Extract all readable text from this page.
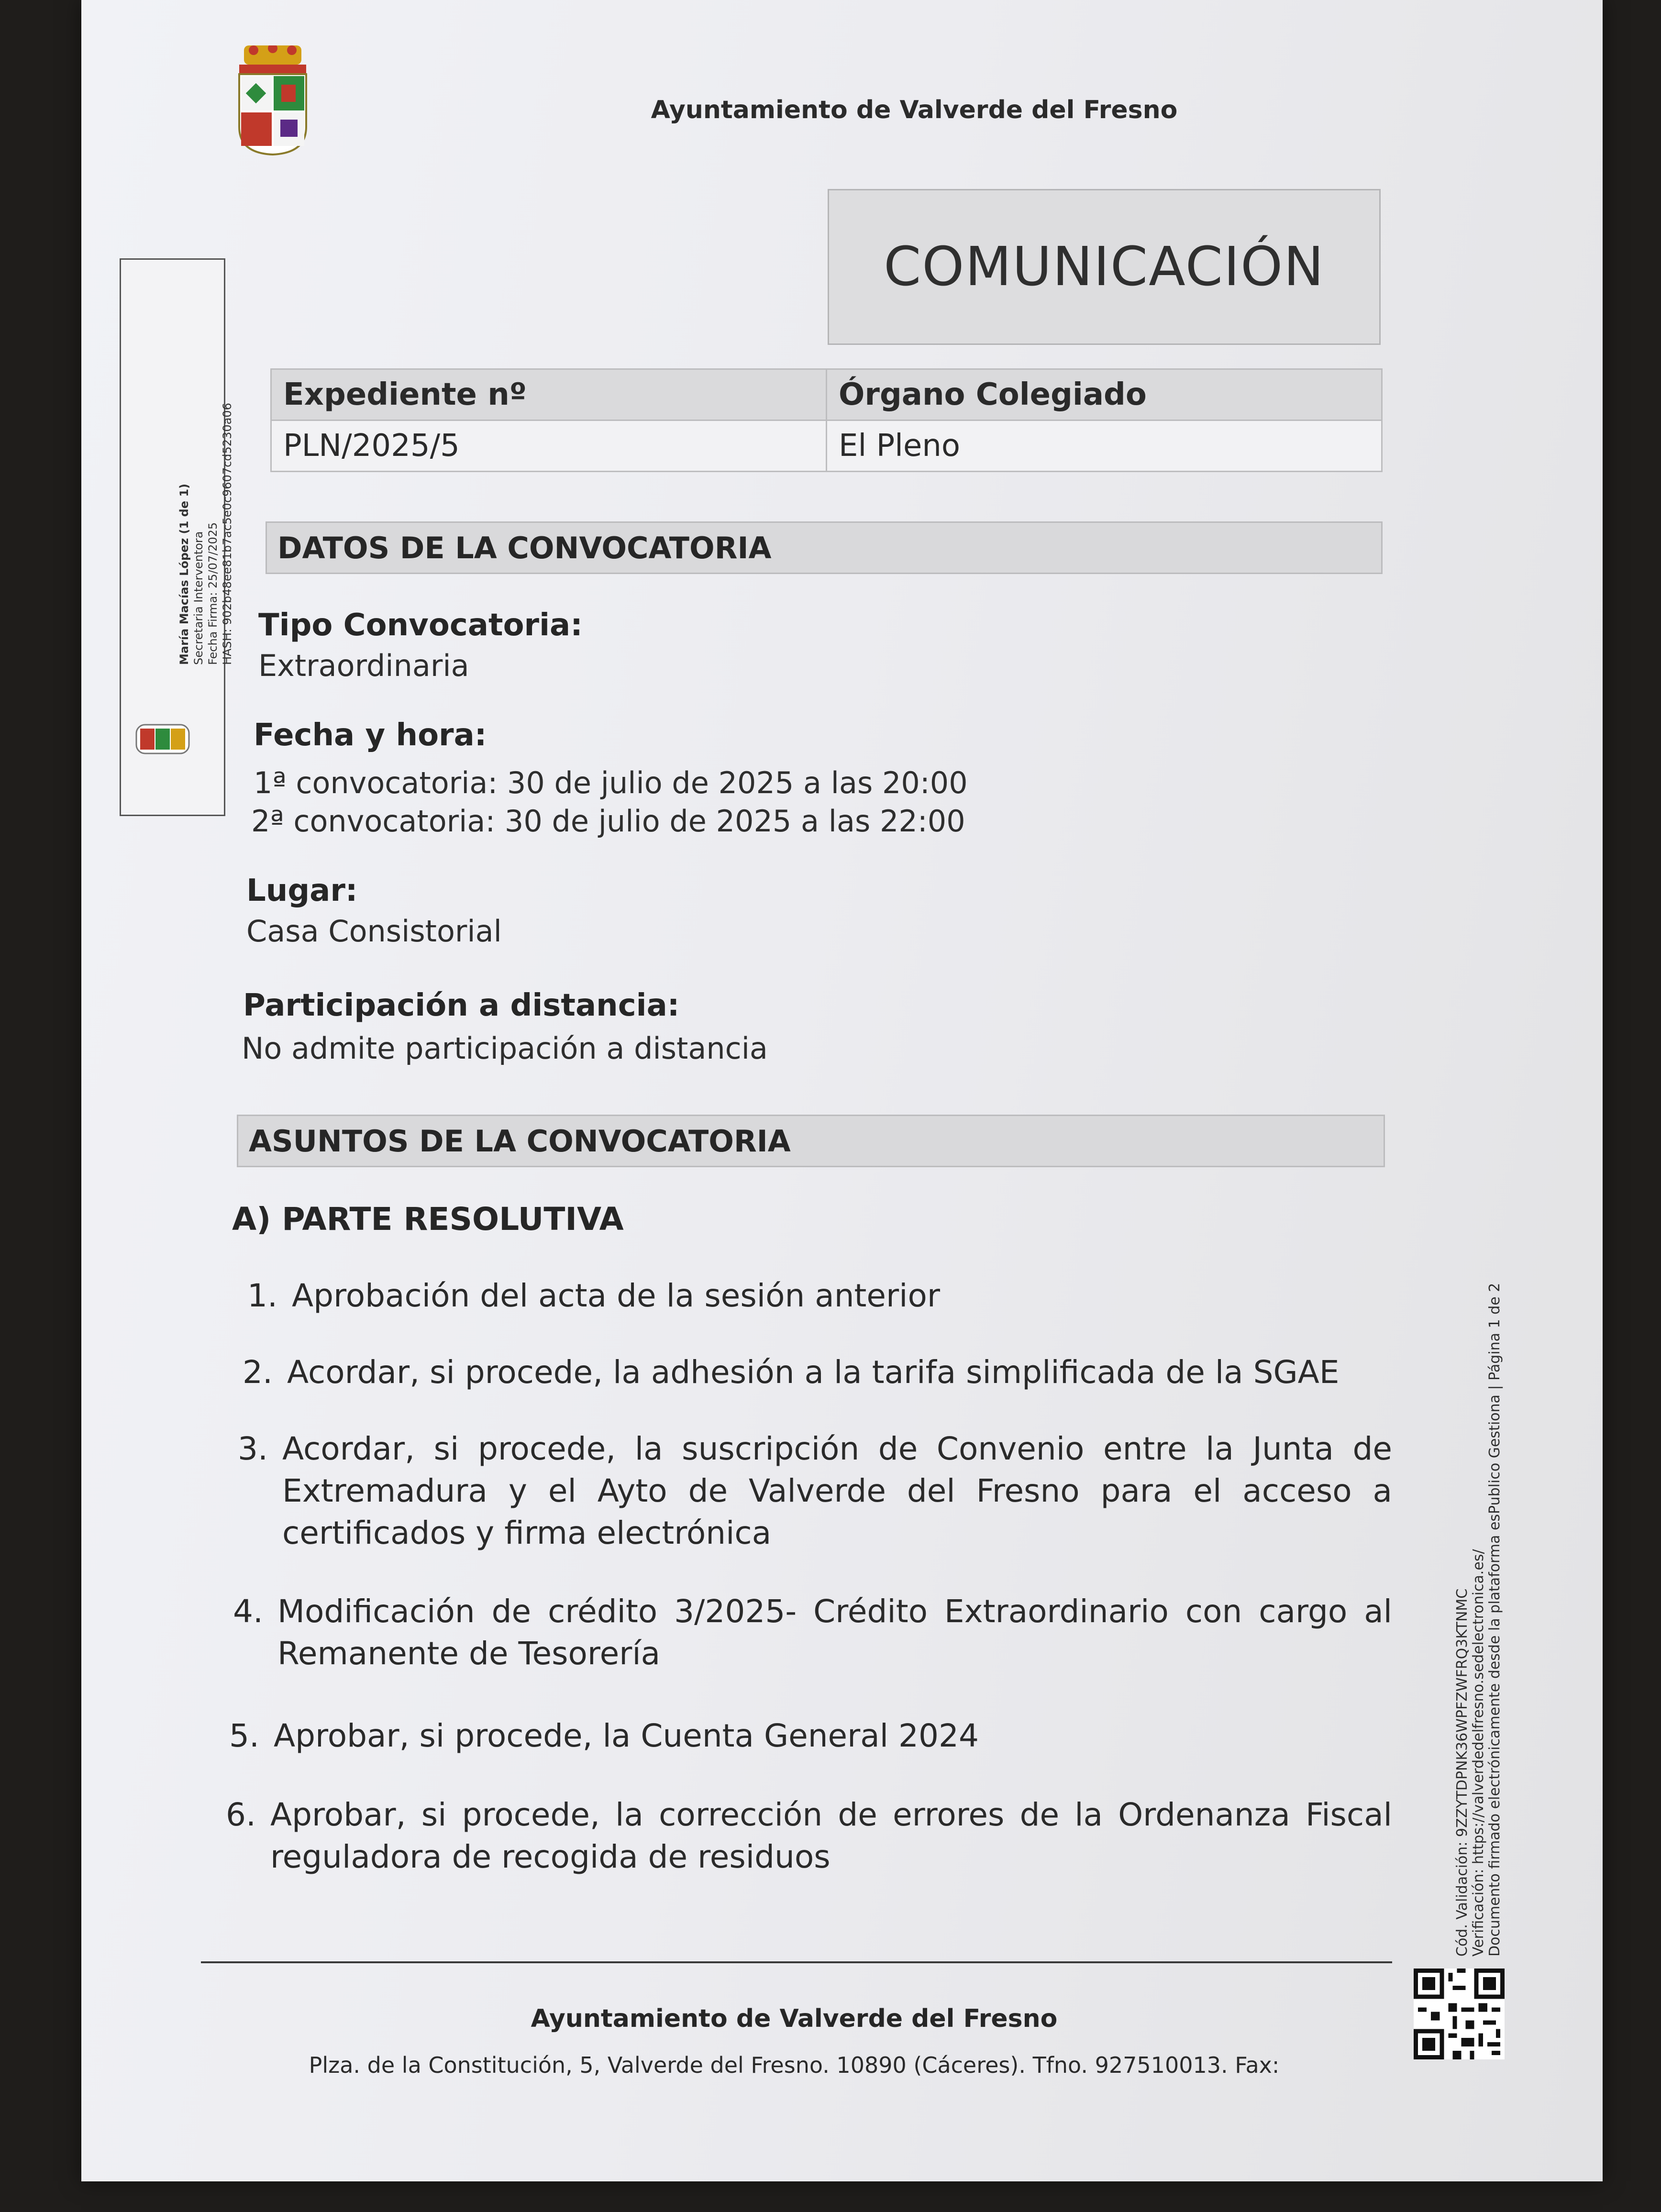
Ayuntamiento de Valverde del Fresno
COMUNICACIÓN
Expediente nº	Órgano Colegiado
PLN/2025/5	El Pleno
DATOS DE LA CONVOCATORIA
Tipo Convocatoria:
Extraordinaria
Fecha y hora:
1ª convocatoria: 30 de julio de 2025 a las 20:00
2ª convocatoria: 30 de julio de 2025 a las 22:00
Lugar:
Casa Consistorial
Participación a distancia:
No admite participación a distancia
ASUNTOS DE LA CONVOCATORIA
A) PARTE RESOLUTIVA
1. Aprobación del acta de la sesión anterior
2. Acordar, si procede, la adhesión a la tarifa simplificada de la SGAE
3. Acordar, si procede, la suscripción de Convenio entre la Junta de Extremadura y el Ayto de Valverde del Fresno para el acceso a certificados y firma electrónica
4. Modificación de crédito 3/2025- Crédito Extraordinario con cargo al Remanente de Tesorería
5. Aprobar, si procede, la Cuenta General 2024
6. Aprobar, si procede, la corrección de errores de la Ordenanza Fiscal reguladora de recogida de residuos
Ayuntamiento de Valverde del Fresno
Plza. de la Constitución, 5, Valverde del Fresno. 10890 (Cáceres). Tfno. 927510013. Fax:
María Macías López (1 de 1) Secretaria Interventora Fecha Firma: 25/07/2025 HASH: 902b48ee81b7ac5e0c9607cd5230a06
Cód. Validación: 9ZZYTDPNK36WPFZWFRQ3KTNMC Verificación: https://valverdedelfresno.sedelectronica.es/ Documento firmado electrónicamente desde la plataforma esPublico Gestiona | Página 1 de 2
